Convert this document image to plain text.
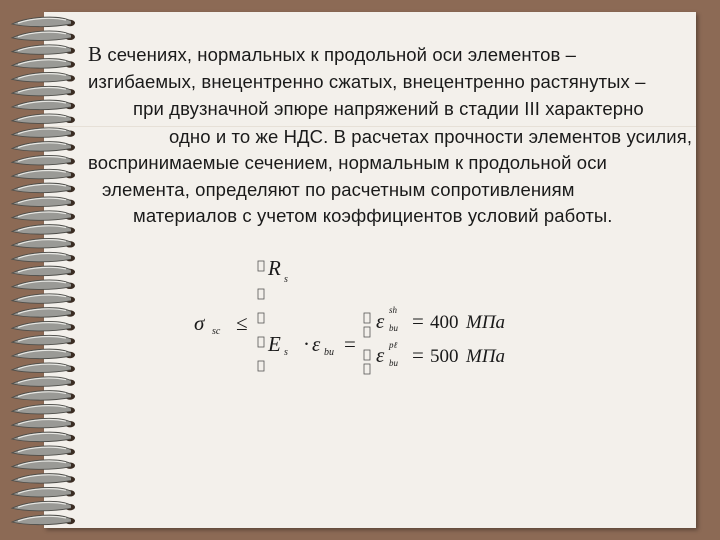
В сечениях, нормальных к продольной оси элементов –
изгибаемых, внецентренно сжатых, внецентренно растянутых –
при двузначной эпюре напряжений в стадии III характерно
одно и то же НДС. В расчетах прочности элементов усилия,
воспринимаемые сечением, нормальным к продольной оси
элемента, определяют по расчетным сопротивлениям
материалов с учетом коэффициентов условий работы.
σ sc ≤
R s
E s · ε bu =
ε sh
bu = 400 МПа
ε pℓ
bu = 500 МПа
